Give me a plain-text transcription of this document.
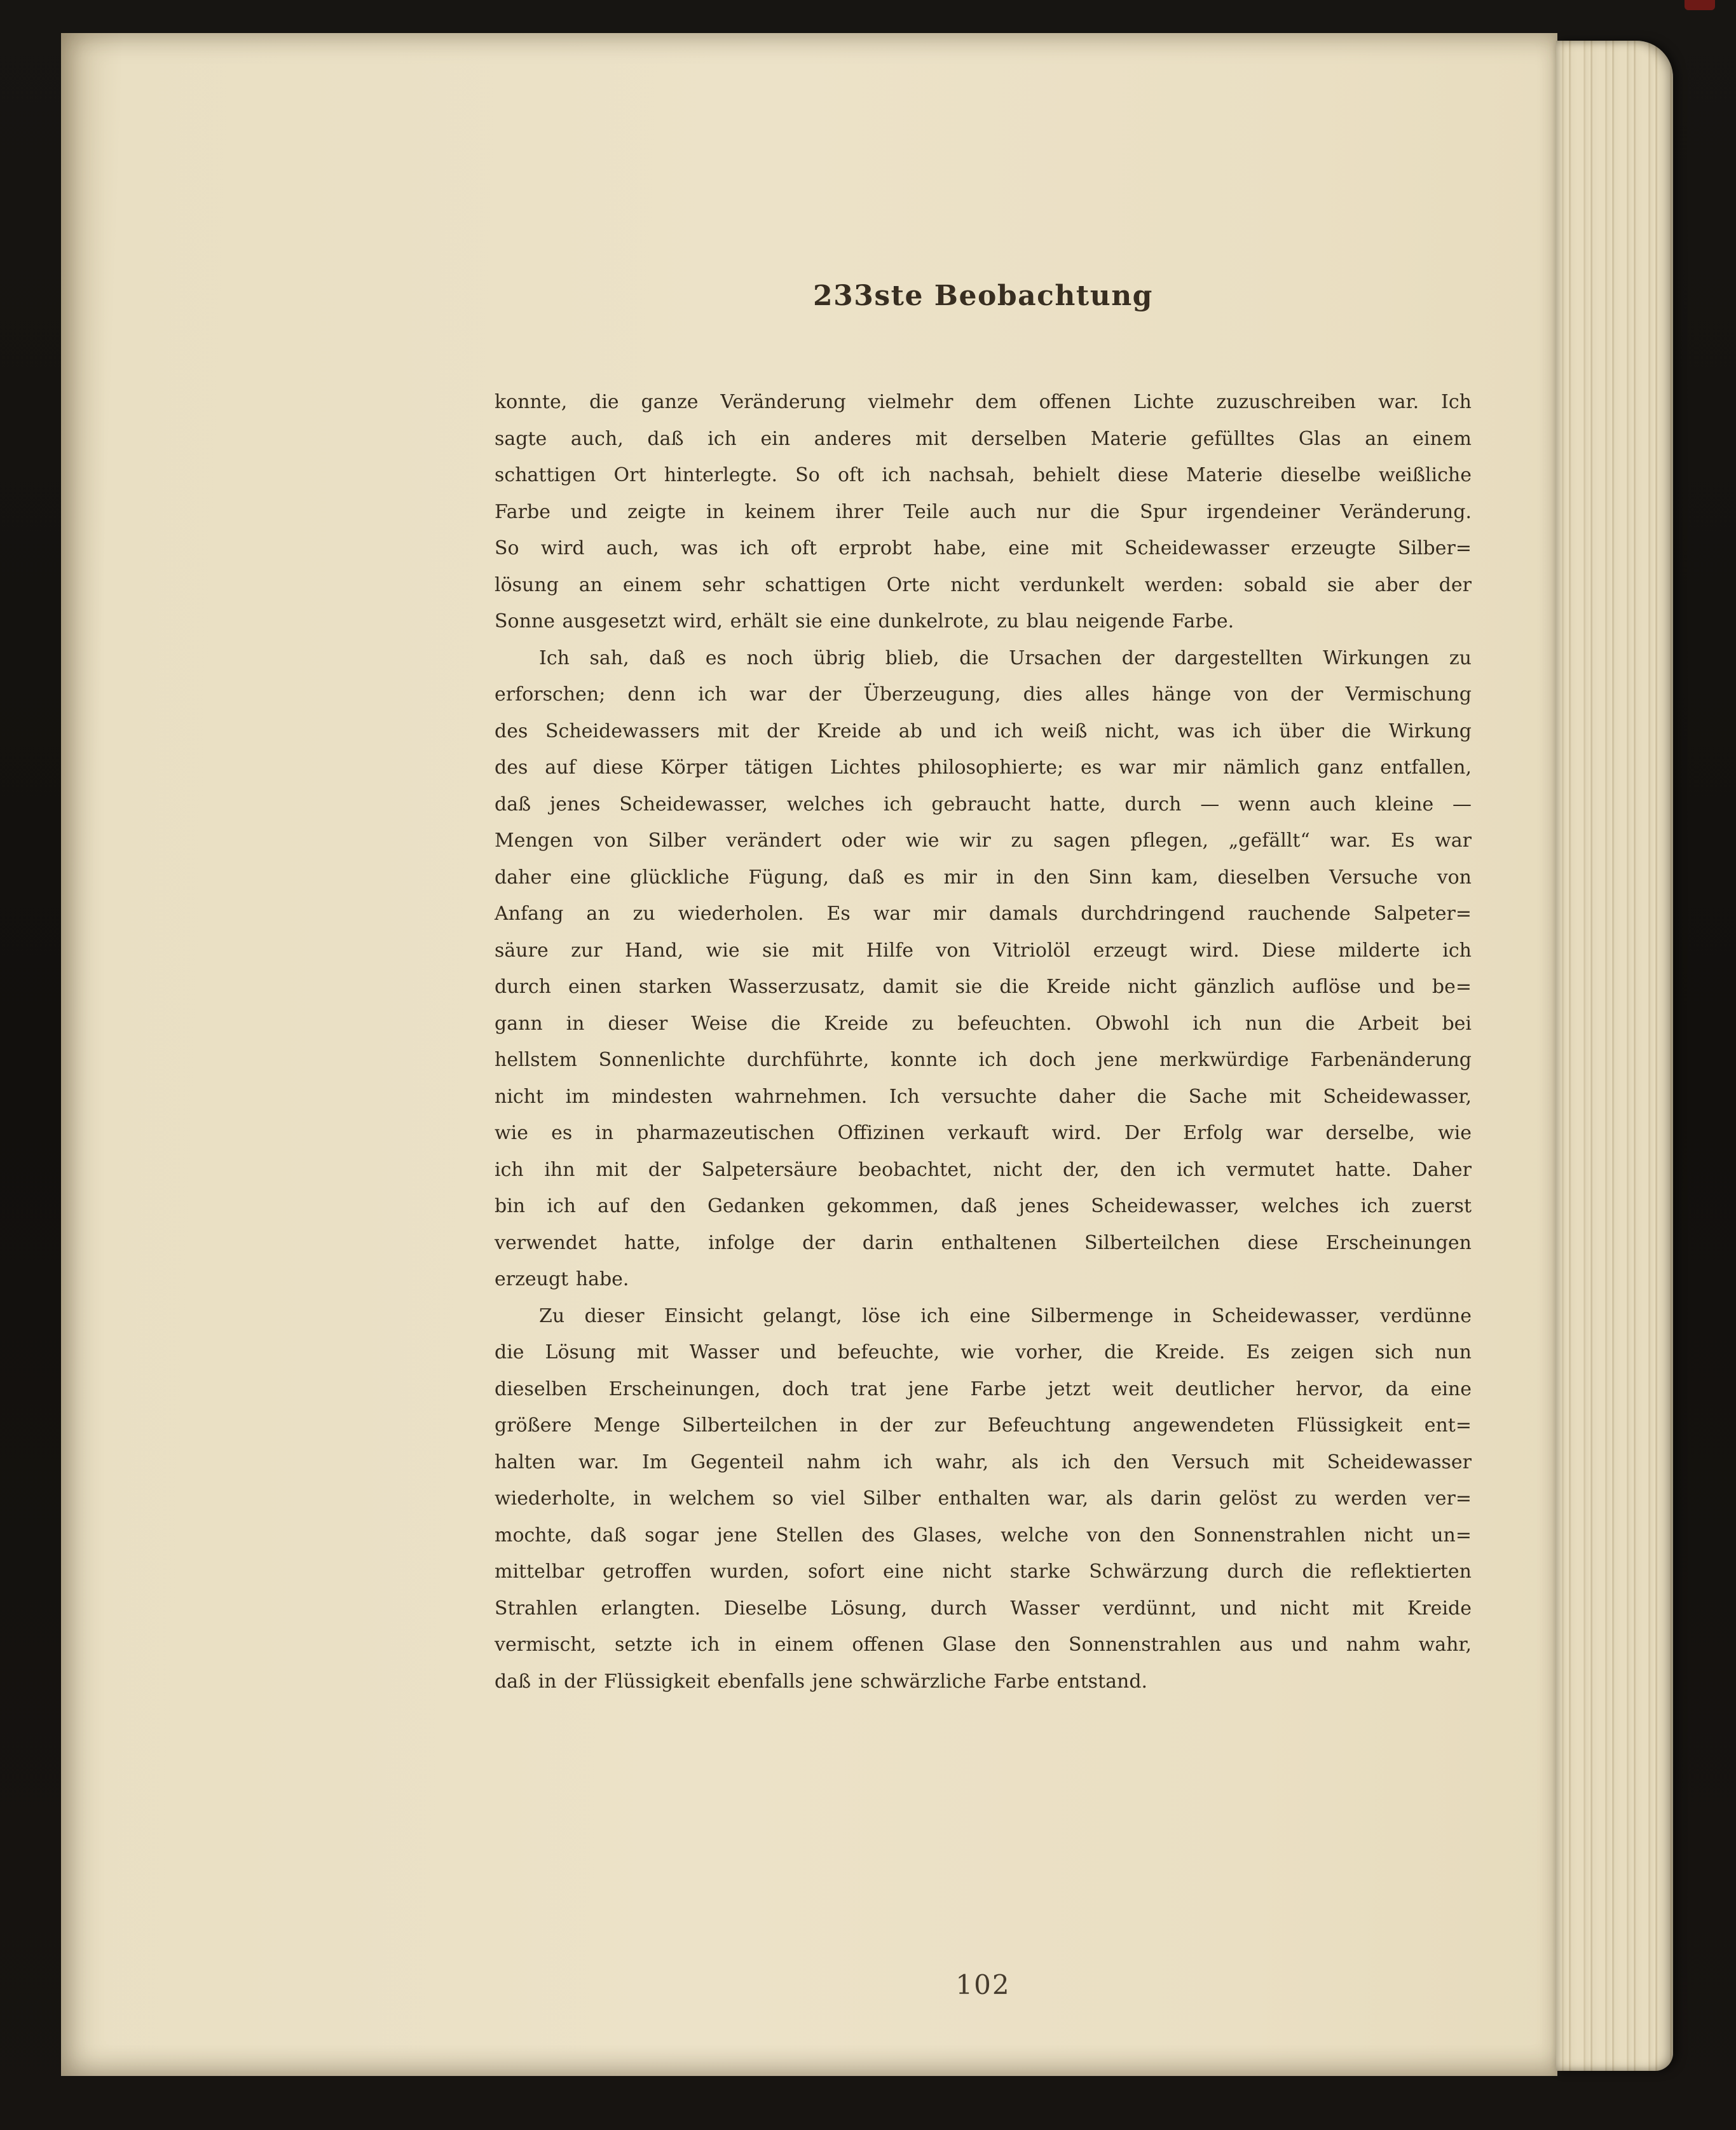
233ste Beobachtung
konnte, die ganze Veränderung vielmehr dem offenen Lichte zuzuschreiben war. Ich
sagte auch, daß ich ein anderes mit derselben Materie gefülltes Glas an einem
schattigen Ort hinterlegte. So oft ich nachsah, behielt diese Materie dieselbe weißliche
Farbe und zeigte in keinem ihrer Teile auch nur die Spur irgendeiner Veränderung.
So wird auch, was ich oft erprobt habe, eine mit Scheidewasser erzeugte Silber=
lösung an einem sehr schattigen Orte nicht verdunkelt werden: sobald sie aber der
Sonne ausgesetzt wird, erhält sie eine dunkelrote, zu blau neigende Farbe.
Ich sah, daß es noch übrig blieb, die Ursachen der dargestellten Wirkungen zu
erforschen; denn ich war der Überzeugung, dies alles hänge von der Vermischung
des Scheidewassers mit der Kreide ab und ich weiß nicht, was ich über die Wirkung
des auf diese Körper tätigen Lichtes philosophierte; es war mir nämlich ganz entfallen,
daß jenes Scheidewasser, welches ich gebraucht hatte, durch — wenn auch kleine —
Mengen von Silber verändert oder wie wir zu sagen pflegen, „gefällt“ war. Es war
daher eine glückliche Fügung, daß es mir in den Sinn kam, dieselben Versuche von
Anfang an zu wiederholen. Es war mir damals durchdringend rauchende Salpeter=
säure zur Hand, wie sie mit Hilfe von Vitriolöl erzeugt wird. Diese milderte ich
durch einen starken Wasserzusatz, damit sie die Kreide nicht gänzlich auflöse und be=
gann in dieser Weise die Kreide zu befeuchten. Obwohl ich nun die Arbeit bei
hellstem Sonnenlichte durchführte, konnte ich doch jene merkwürdige Farbenänderung
nicht im mindesten wahrnehmen. Ich versuchte daher die Sache mit Scheidewasser,
wie es in pharmazeutischen Offizinen verkauft wird. Der Erfolg war derselbe, wie
ich ihn mit der Salpetersäure beobachtet, nicht der, den ich vermutet hatte. Daher
bin ich auf den Gedanken gekommen, daß jenes Scheidewasser, welches ich zuerst
verwendet hatte, infolge der darin enthaltenen Silberteilchen diese Erscheinungen
erzeugt habe.
Zu dieser Einsicht gelangt, löse ich eine Silbermenge in Scheidewasser, verdünne
die Lösung mit Wasser und befeuchte, wie vorher, die Kreide. Es zeigen sich nun
dieselben Erscheinungen, doch trat jene Farbe jetzt weit deutlicher hervor, da eine
größere Menge Silberteilchen in der zur Befeuchtung angewendeten Flüssigkeit ent=
halten war. Im Gegenteil nahm ich wahr, als ich den Versuch mit Scheidewasser
wiederholte, in welchem so viel Silber enthalten war, als darin gelöst zu werden ver=
mochte, daß sogar jene Stellen des Glases, welche von den Sonnenstrahlen nicht un=
mittelbar getroffen wurden, sofort eine nicht starke Schwärzung durch die reflektierten
Strahlen erlangten. Dieselbe Lösung, durch Wasser verdünnt, und nicht mit Kreide
vermischt, setzte ich in einem offenen Glase den Sonnenstrahlen aus und nahm wahr,
daß in der Flüssigkeit ebenfalls jene schwärzliche Farbe entstand.
102
